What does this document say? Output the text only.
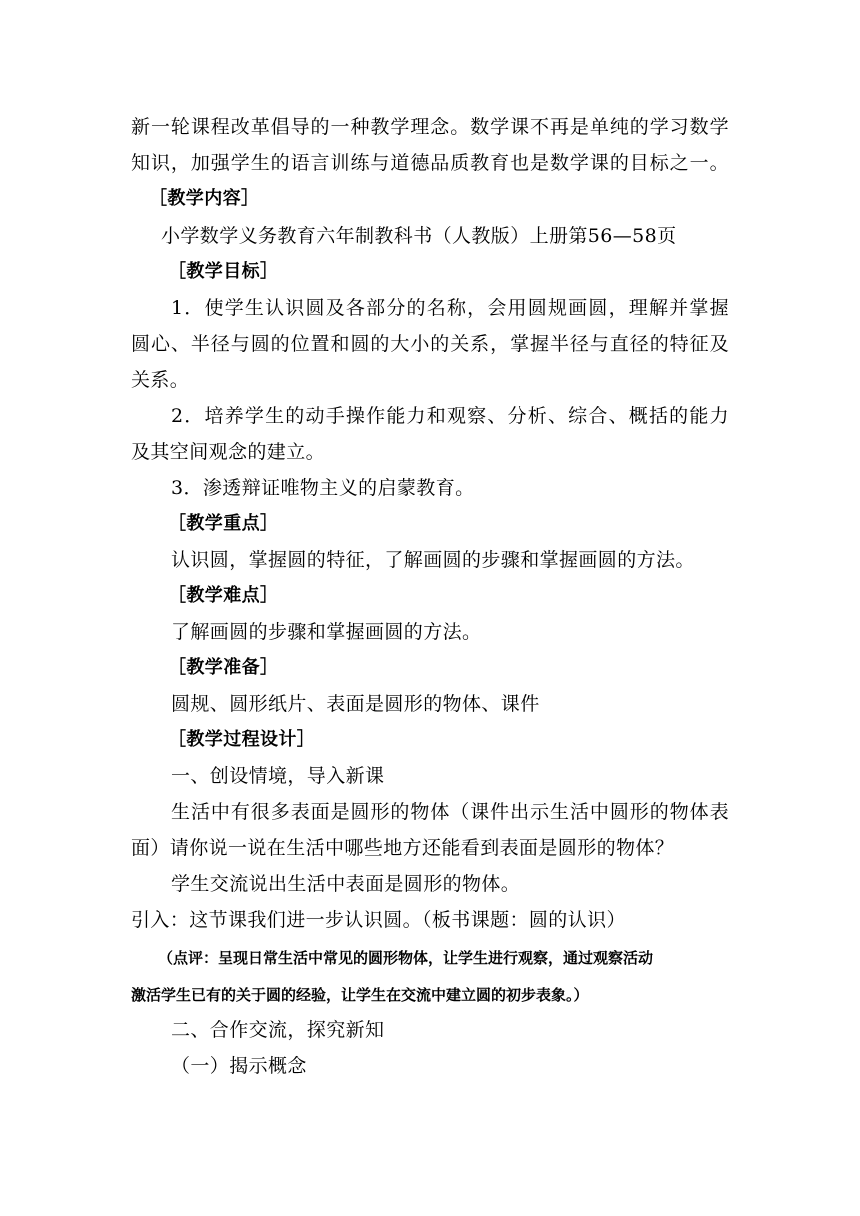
新一轮课程改革倡导的一种教学理念。数学课不再是单纯的学习数学
知识，加强学生的语言训练与道德品质教育也是数学课的目标之一。
［教学内容］
小学数学义务教育六年制教科书（人教版）上册第56—58页
［教学目标］
1．使学生认识圆及各部分的名称，会用圆规画圆，理解并掌握
圆心、半径与圆的位置和圆的大小的关系，掌握半径与直径的特征及
关系。
2．培养学生的动手操作能力和观察、分析、综合、概括的能力
及其空间观念的建立。
3．渗透辩证唯物主义的启蒙教育。
［教学重点］
认识圆，掌握圆的特征，了解画圆的步骤和掌握画圆的方法。
［教学难点］
了解画圆的步骤和掌握画圆的方法。
［教学准备］
圆规、圆形纸片、表面是圆形的物体、课件
［教学过程设计］
一、创设情境，导入新课
生活中有很多表面是圆形的物体（课件出示生活中圆形的物体表
面）请你说一说在生活中哪些地方还能看到表面是圆形的物体？
学生交流说出生活中表面是圆形的物体。
引入：这节课我们进一步认识圆。（板书课题：圆的认识）
（点评：呈现日常生活中常见的圆形物体，让学生进行观察，通过观察活动
激活学生已有的关于圆的经验，让学生在交流中建立圆的初步表象。）
二、合作交流，探究新知
（一）揭示概念
